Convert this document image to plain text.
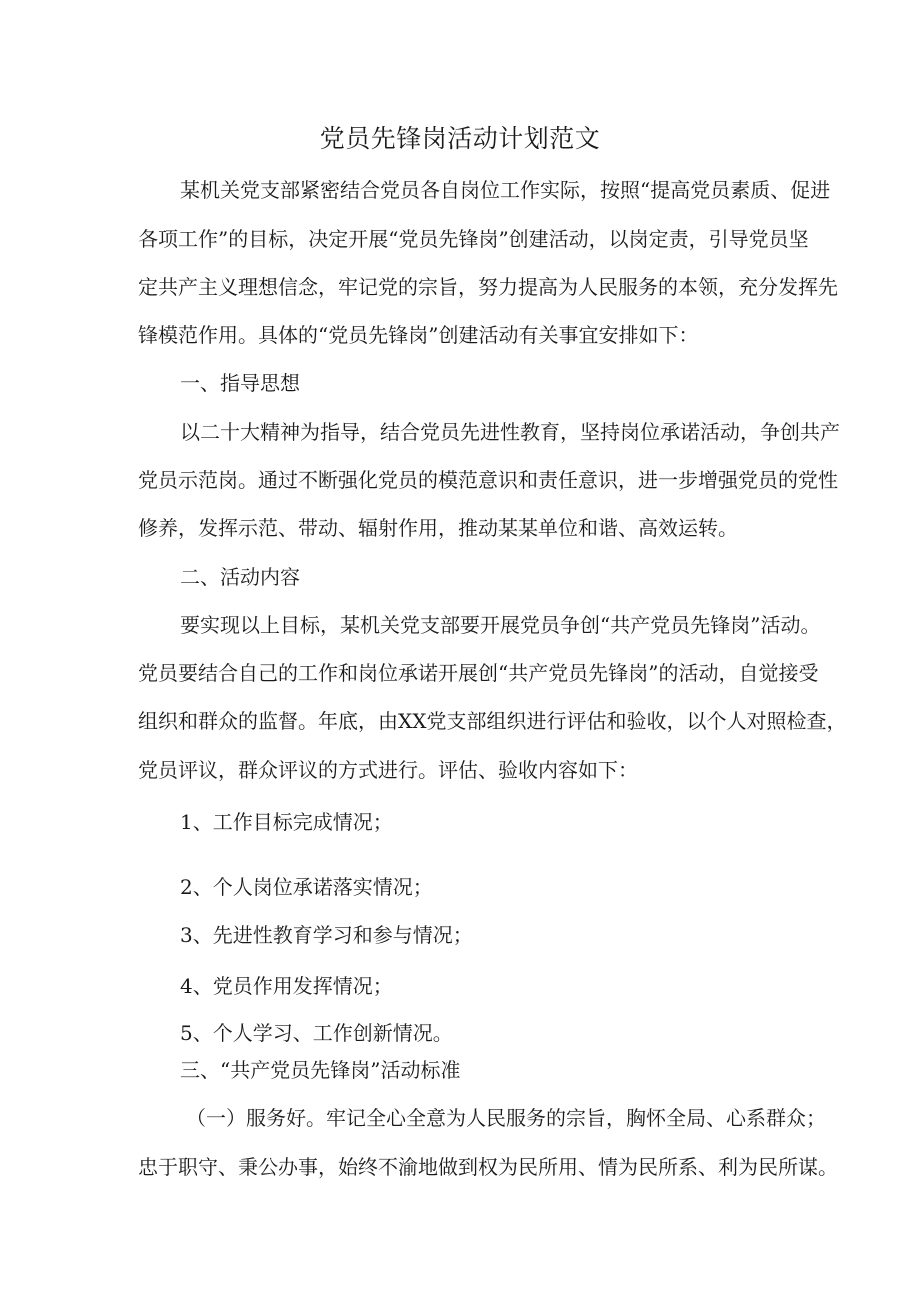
党员先锋岗活动计划范文

某机关党支部紧密结合党员各自岗位工作实际，按照“提高党员素质、促进

各项工作”的目标，决定开展“党员先锋岗”创建活动，以岗定责，引导党员坚

定共产主义理想信念，牢记党的宗旨，努力提高为人民服务的本领，充分发挥先

锋模范作用。具体的“党员先锋岗”创建活动有关事宜安排如下：

一、指导思想

以二十大精神为指导，结合党员先进性教育，坚持岗位承诺活动，争创共产

党员示范岗。通过不断强化党员的模范意识和责任意识，进一步增强党员的党性

修养，发挥示范、带动、辐射作用，推动某某单位和谐、高效运转。

二、活动内容

要实现以上目标，某机关党支部要开展党员争创“共产党员先锋岗”活动。

党员要结合自己的工作和岗位承诺开展创“共产党员先锋岗”的活动，自觉接受

组织和群众的监督。年底，由XX党支部组织进行评估和验收，以个人对照检查，

党员评议，群众评议的方式进行。评估、验收内容如下：

1、工作目标完成情况；

2、个人岗位承诺落实情况；

3、先进性教育学习和参与情况；

4、党员作用发挥情况；

5、个人学习、工作创新情况。

三、“共产党员先锋岗”活动标准

（一）服务好。牢记全心全意为人民服务的宗旨，胸怀全局、心系群众；

忠于职守、秉公办事，始终不渝地做到权为民所用、情为民所系、利为民所谋。
